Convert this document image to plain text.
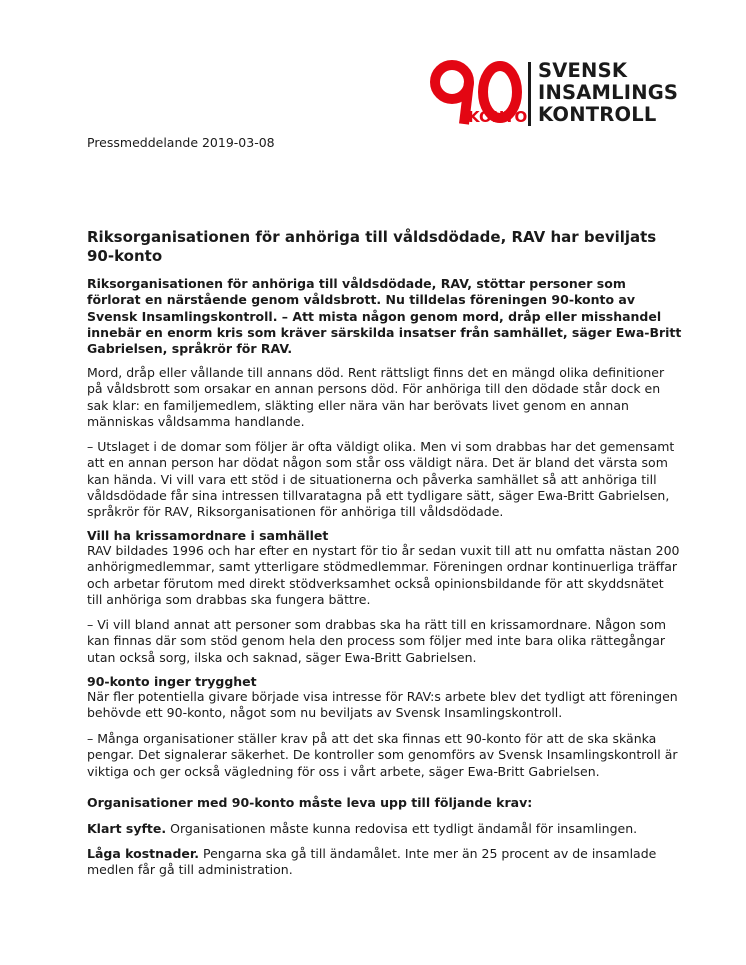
KONTO
SVENSK
INSAMLINGS
KONTROLL
Pressmeddelande 2019-03-08
Riksorganisationen för anhöriga till våldsdödade, RAV har beviljats 90-konto

Riksorganisationen för anhöriga till våldsdödade, RAV, stöttar personer som förlorat en närstående genom våldsbrott. Nu tilldelas föreningen 90-konto av Svensk Insamlingskontroll. – Att mista någon genom mord, dråp eller misshandel innebär en enorm kris som kräver särskilda insatser från samhället, säger Ewa-Britt Gabrielsen, språkrör för RAV.

Mord, dråp eller vållande till annans död. Rent rättsligt finns det en mängd olika definitioner på våldsbrott som orsakar en annan persons död. För anhöriga till den dödade står dock en sak klar: en familjemedlem, släkting eller nära vän har berövats livet genom en annan människas våldsamma handlande.

– Utslaget i de domar som följer är ofta väldigt olika. Men vi som drabbas har det gemensamt att en annan person har dödat någon som står oss väldigt nära. Det är bland det värsta som kan hända. Vi vill vara ett stöd i de situationerna och påverka samhället så att anhöriga till våldsdödade får sina intressen tillvaratagna på ett tydligare sätt, säger Ewa-Britt Gabrielsen, språkrör för RAV, Riksorganisationen för anhöriga till våldsdödade.

Vill ha krissamordnare i samhället

RAV bildades 1996 och har efter en nystart för tio år sedan vuxit till att nu omfatta nästan 200 anhörigmedlemmar, samt ytterligare stödmedlemmar. Föreningen ordnar kontinuerliga träffar och arbetar förutom med direkt stödverksamhet också opinionsbildande för att skyddsnätet till anhöriga som drabbas ska fungera bättre.

– Vi vill bland annat att personer som drabbas ska ha rätt till en krissamordnare. Någon som kan finnas där som stöd genom hela den process som följer med inte bara olika rättegångar utan också sorg, ilska och saknad, säger Ewa-Britt Gabrielsen.

90-konto inger trygghet

När fler potentiella givare började visa intresse för RAV:s arbete blev det tydligt att föreningen behövde ett 90-konto, något som nu beviljats av Svensk Insamlingskontroll.

– Många organisationer ställer krav på att det ska finnas ett 90-konto för att de ska skänka pengar. Det signalerar säkerhet. De kontroller som genomförs av Svensk Insamlingskontroll är viktiga och ger också vägledning för oss i vårt arbete, säger Ewa-Britt Gabrielsen.

Organisationer med 90-konto måste leva upp till följande krav:

Klart syfte. Organisationen måste kunna redovisa ett tydligt ändamål för insamlingen.

Låga kostnader. Pengarna ska gå till ändamålet. Inte mer än 25 procent av de insamlade medlen får gå till administration.
